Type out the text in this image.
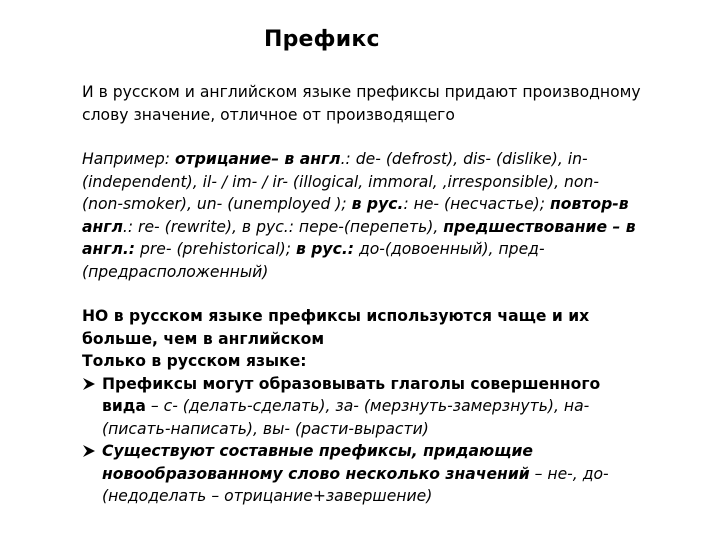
Префикс

И в русском и английском языке префиксы придают производному слову значение, отличное от производящего

Например: отрицание– в англ.: de- (defrost), dis- (dislike), in- (independent), il- / im- / ir- (illogical, immoral, ,irresponsible), non- (non-smoker), un- (unemployed ); в рус.: не- (несчастье); повтор-в англ.: re- (rewrite), в рус.: пере-(перепеть), предшествование – в англ.: pre- (prehistorical); в рус.: до-(довоенный), пред- (предрасположенный)

НО в русском языке префиксы используются чаще и их больше, чем в английском
Только в русском языке:
Префиксы могут образовывать глаголы совершенного вида – с- (делать-сделать), за- (мерзнуть-замерзнуть), на- (писать-написать), вы- (расти-вырасти)
Существуют составные префиксы, придающие новообразованному слово несколько значений – не-, до- (недоделать – отрицание+завершение)
